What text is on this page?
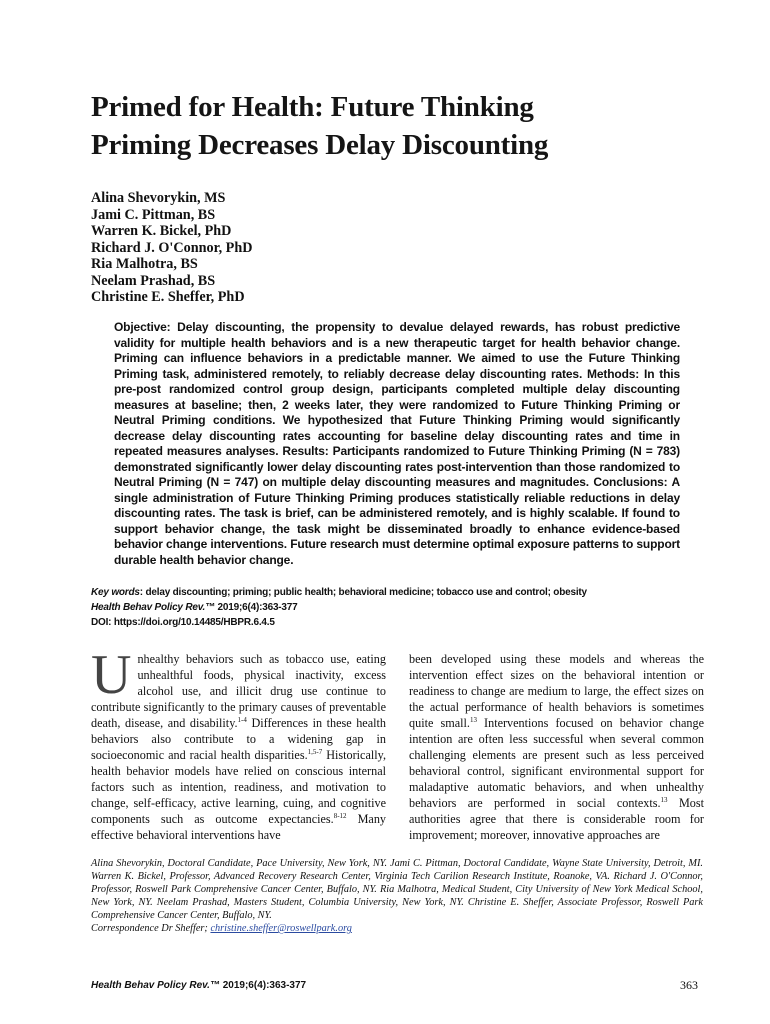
Primed for Health: Future Thinking
Priming Decreases Delay Discounting
Alina Shevorykin, MS
Jami C. Pittman, BS
Warren K. Bickel, PhD
Richard J. O'Connor, PhD
Ria Malhotra, BS
Neelam Prashad, BS
Christine E. Sheffer, PhD
Objective: Delay discounting, the propensity to devalue delayed rewards, has robust predictive validity for multiple health behaviors and is a new therapeutic target for health behavior change. Priming can influence behaviors in a predictable manner. We aimed to use the Future Thinking Priming task, administered remotely, to reliably decrease delay discounting rates. Methods: In this pre-post randomized control group design, participants completed multiple delay discounting measures at baseline; then, 2 weeks later, they were randomized to Future Thinking Priming or Neutral Priming conditions. We hypothesized that Future Thinking Priming would significantly decrease delay discounting rates accounting for baseline delay discounting rates and time in repeated measures analyses. Results: Participants randomized to Future Thinking Priming (N = 783) demonstrated significantly lower delay discounting rates post-intervention than those randomized to Neutral Priming (N = 747) on multiple delay discounting measures and magnitudes. Conclusions: A single administration of Future Thinking Priming produces statistically reliable reductions in delay discounting rates. The task is brief, can be administered remotely, and is highly scalable. If found to support behavior change, the task might be disseminated broadly to enhance evidence-based behavior change interventions. Future research must determine optimal exposure patterns to support durable health behavior change.
Key words: delay discounting; priming; public health; behavioral medicine; tobacco use and control; obesity
Health Behav Policy Rev.™ 2019;6(4):363-377
DOI: https://doi.org/10.14485/HBPR.6.4.5
Unhealthy behaviors such as tobacco use, eating unhealthful foods, physical inactivity, excess alcohol use, and illicit drug use continue to contribute significantly to the primary causes of preventable death, disease, and disability.$^{1-4}$ Differences in these health behaviors also contribute to a widening gap in socioeconomic and racial health disparities.$^{1,5-7}$ Historically, health behavior models have relied on conscious internal factors such as intention, readiness, and motivation to change, self-efficacy, active learning, cuing, and cognitive components such as outcome expectancies.$^{8-12}$ Many effective behavioral interventions have
been developed using these models and whereas the intervention effect sizes on the behavioral intention or readiness to change are medium to large, the effect sizes on the actual performance of health behaviors is sometimes quite small.$^{13}$ Interventions focused on behavior change intention are often less successful when several common challenging elements are present such as less perceived behavioral control, significant environmental support for maladaptive automatic behaviors, and when unhealthy behaviors are performed in social contexts.$^{13}$ Most authorities agree that there is considerable room for improvement; moreover, innovative approaches are
Alina Shevorykin, Doctoral Candidate, Pace University, New York, NY. Jami C. Pittman, Doctoral Candidate, Wayne State University, Detroit, MI. Warren K. Bickel, Professor, Advanced Recovery Research Center, Virginia Tech Carilion Research Institute, Roanoke, VA. Richard J. O'Connor, Professor, Roswell Park Comprehensive Cancer Center, Buffalo, NY. Ria Malhotra, Medical Student, City University of New York Medical School, New York, NY. Neelam Prashad, Masters Student, Columbia University, New York, NY. Christine E. Sheffer, Associate Professor, Roswell Park Comprehensive Cancer Center, Buffalo, NY.
Correspondence Dr Sheffer; christine.sheffer@roswellpark.org
Health Behav Policy Rev.™ 2019;6(4):363-377	363
